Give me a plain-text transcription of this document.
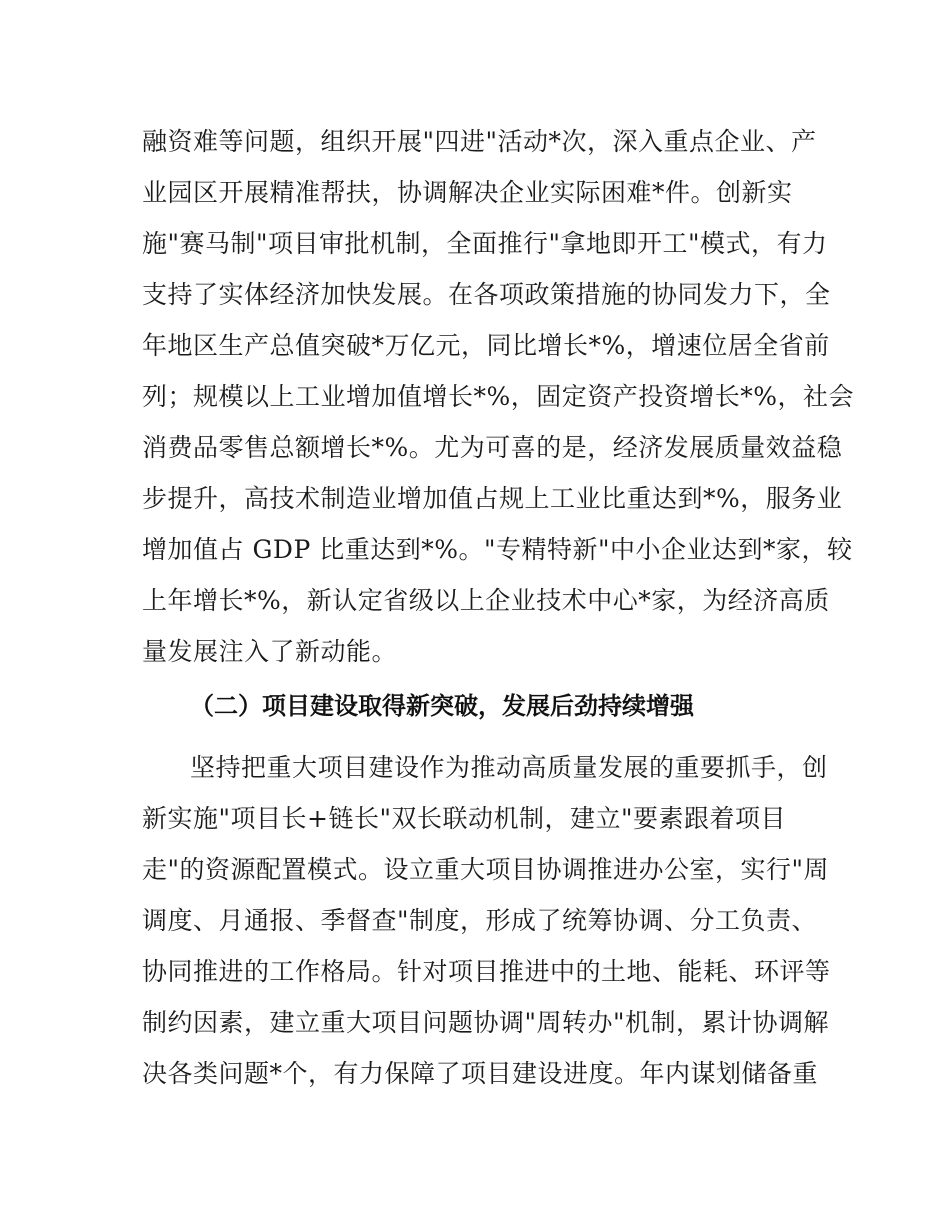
融资难等问题，组织开展"四进"活动*次，深入重点企业、产
业园区开展精准帮扶，协调解决企业实际困难*件。创新实
施"赛马制"项目审批机制，全面推行"拿地即开工"模式，有力
支持了实体经济加快发展。在各项政策措施的协同发力下，全
年地区生产总值突破*万亿元，同比增长*%，增速位居全省前
列；规模以上工业增加值增长*%，固定资产投资增长*%，社会
消费品零售总额增长*%。尤为可喜的是，经济发展质量效益稳
步提升，高技术制造业增加值占规上工业比重达到*%，服务业
增加值占 GDP 比重达到*%。"专精特新"中小企业达到*家，较
上年增长*%，新认定省级以上企业技术中心*家，为经济高质
量发展注入了新动能。
（二）项目建设取得新突破，发展后劲持续增强
坚持把重大项目建设作为推动高质量发展的重要抓手，创
新实施"项目长+链长"双长联动机制，建立"要素跟着项目
走"的资源配置模式。设立重大项目协调推进办公室，实行"周
调度、月通报、季督查"制度，形成了统筹协调、分工负责、
协同推进的工作格局。针对项目推进中的土地、能耗、环评等
制约因素，建立重大项目问题协调"周转办"机制，累计协调解
决各类问题*个，有力保障了项目建设进度。年内谋划储备重
